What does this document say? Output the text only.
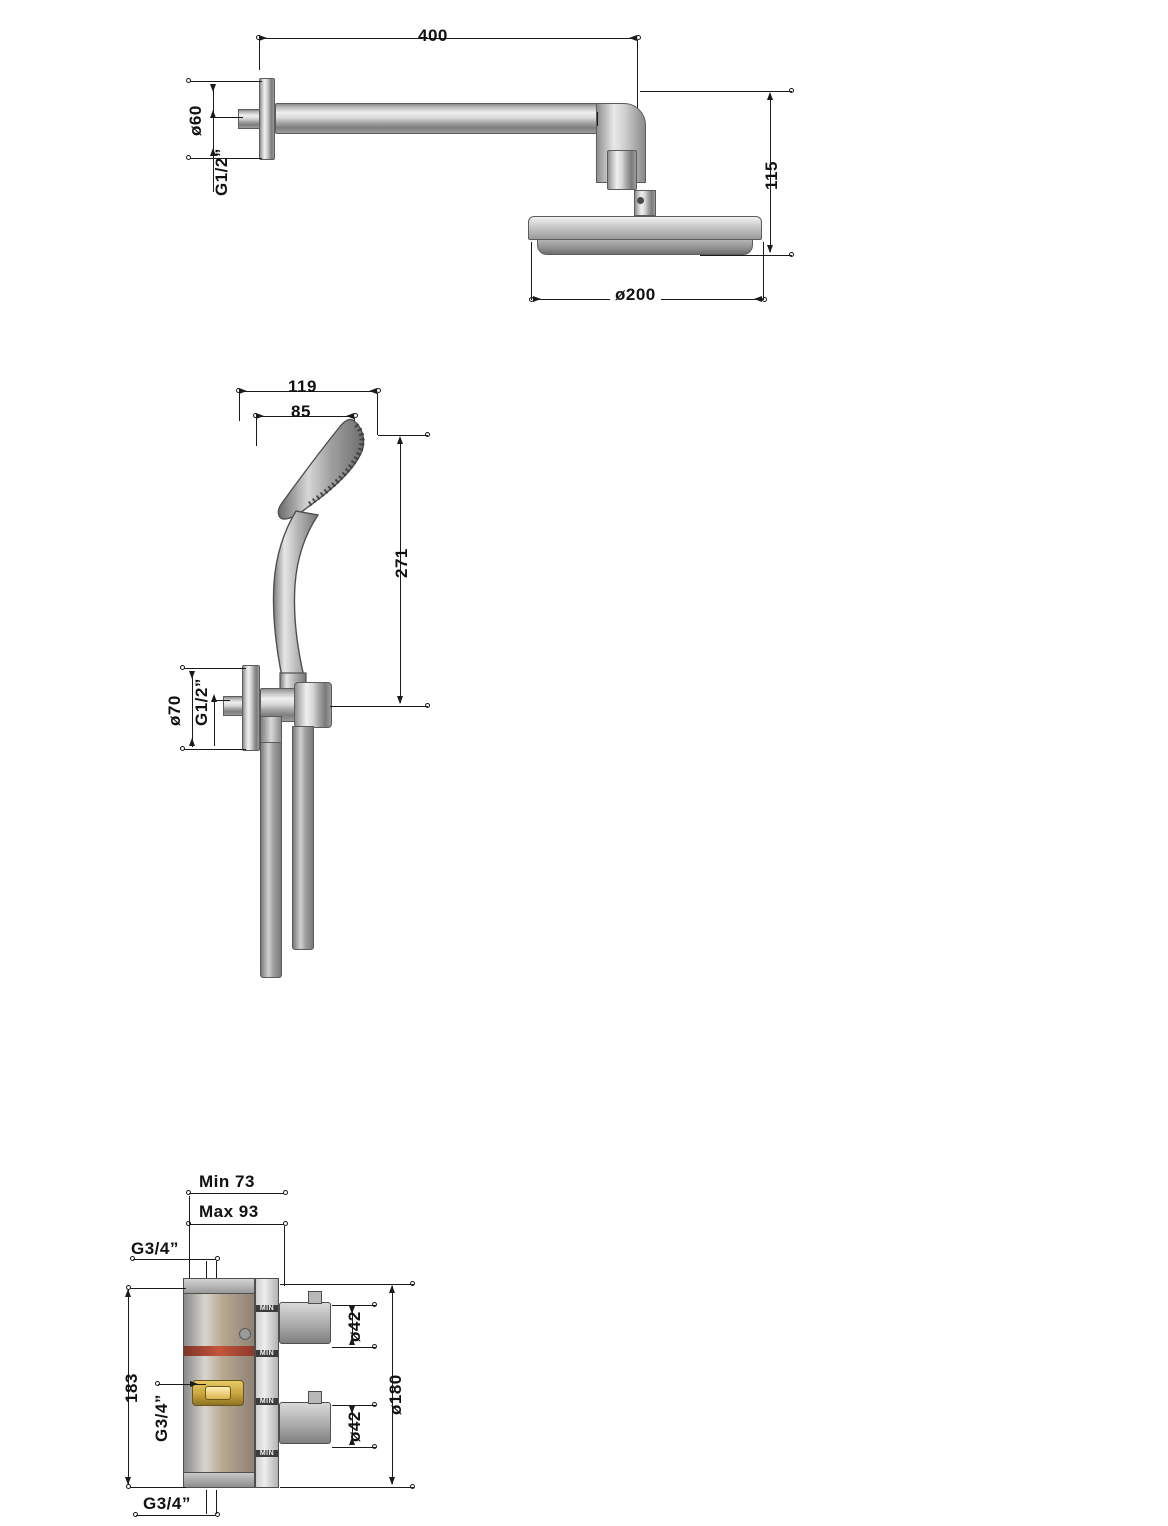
400
ø60
G1/2”	115
ø200
119
85
271
ø70 G1/2”
Min 73
Max 93
G3/4”
MIN
MIN
MIN
MIN
183
G3/4”
G3/4”
ø42
ø42
ø180
